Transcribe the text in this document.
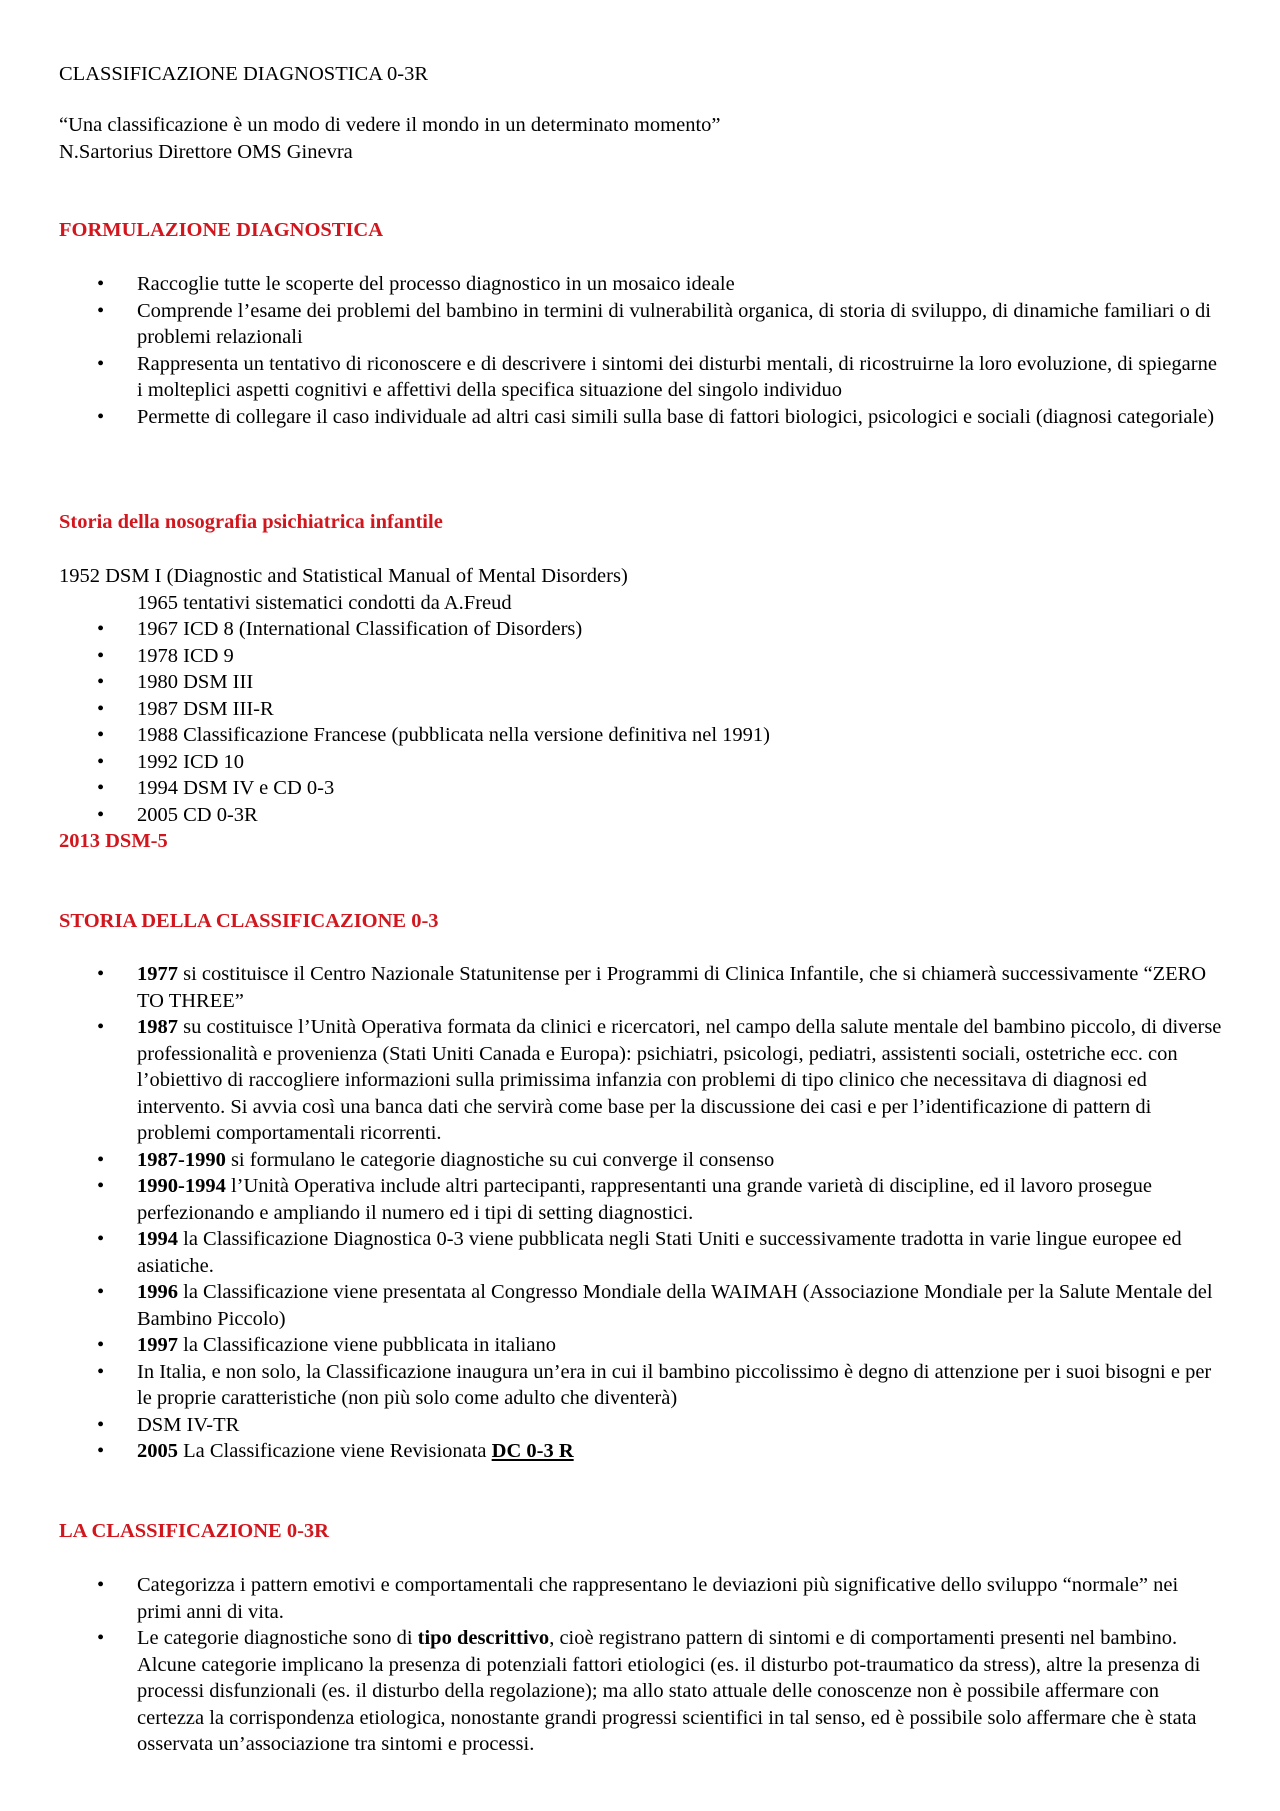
CLASSIFICAZIONE DIAGNOSTICA 0-3R
“Una classificazione è un modo di vedere il mondo in un determinato momento”
N.Sartorius Direttore OMS Ginevra
FORMULAZIONE DIAGNOSTICA
• Raccoglie tutte le scoperte del processo diagnostico in un mosaico ideale
• Comprende l’esame dei problemi del bambino in termini di vulnerabilità organica, di storia di sviluppo, di dinamiche familiari o di problemi relazionali
• Rappresenta un tentativo di riconoscere e di descrivere i sintomi dei disturbi mentali, di ricostruirne la loro evoluzione, di spiegarne i molteplici aspetti cognitivi e affettivi della specifica situazione del singolo individuo
• Permette di collegare il caso individuale ad altri casi simili sulla base di fattori biologici, psicologici e sociali (diagnosi categoriale)
Storia della nosografia psichiatrica infantile
1952 DSM I (Diagnostic and Statistical Manual of Mental Disorders)
1965 tentativi sistematici condotti da A.Freud
• 1967 ICD 8 (International Classification of Disorders)
• 1978 ICD 9
• 1980 DSM III
• 1987 DSM III-R
• 1988 Classificazione Francese (pubblicata nella versione definitiva nel 1991)
• 1992 ICD 10
• 1994 DSM IV e CD 0-3
• 2005 CD 0-3R
2013 DSM-5
STORIA DELLA CLASSIFICAZIONE 0-3
• 1977 si costituisce il Centro Nazionale Statunitense per i Programmi di Clinica Infantile, che si chiamerà successivamente “ZERO TO THREE”
• 1987 su costituisce l’Unità Operativa formata da clinici e ricercatori, nel campo della salute mentale del bambino piccolo, di diverse professionalità e provenienza (Stati Uniti Canada e Europa): psichiatri, psicologi, pediatri, assistenti sociali, ostetriche ecc. con l’obiettivo di raccogliere informazioni sulla primissima infanzia con problemi di tipo clinico che necessitava di diagnosi ed intervento. Si avvia così una banca dati che servirà come base per la discussione dei casi e per l’identificazione di pattern di problemi comportamentali ricorrenti.
• 1987-1990 si formulano le categorie diagnostiche su cui converge il consenso
• 1990-1994 l’Unità Operativa include altri partecipanti, rappresentanti una grande varietà di discipline, ed il lavoro prosegue perfezionando e ampliando il numero ed i tipi di setting diagnostici.
• 1994 la Classificazione Diagnostica 0-3 viene pubblicata negli Stati Uniti e successivamente tradotta in varie lingue europee ed asiatiche.
• 1996 la Classificazione viene presentata al Congresso Mondiale della WAIMAH (Associazione Mondiale per la Salute Mentale del Bambino Piccolo)
• 1997 la Classificazione viene pubblicata in italiano
• In Italia, e non solo, la Classificazione inaugura un’era in cui il bambino piccolissimo è degno di attenzione per i suoi bisogni e per le proprie caratteristiche (non più solo come adulto che diventerà)
• DSM IV-TR
• 2005 La Classificazione viene Revisionata DC 0-3 R
LA CLASSIFICAZIONE 0-3R
• Categorizza i pattern emotivi e comportamentali che rappresentano le deviazioni più significative dello sviluppo “normale” nei primi anni di vita.
• Le categorie diagnostiche sono di tipo descrittivo, cioè registrano pattern di sintomi e di comportamenti presenti nel bambino. Alcune categorie implicano la presenza di potenziali fattori etiologici (es. il disturbo pot-traumatico da stress), altre la presenza di processi disfunzionali (es. il disturbo della regolazione); ma allo stato attuale delle conoscenze non è possibile affermare con certezza la corrispondenza etiologica, nonostante grandi progressi scientifici in tal senso, ed è possibile solo affermare che è stata osservata un’associazione tra sintomi e processi.
